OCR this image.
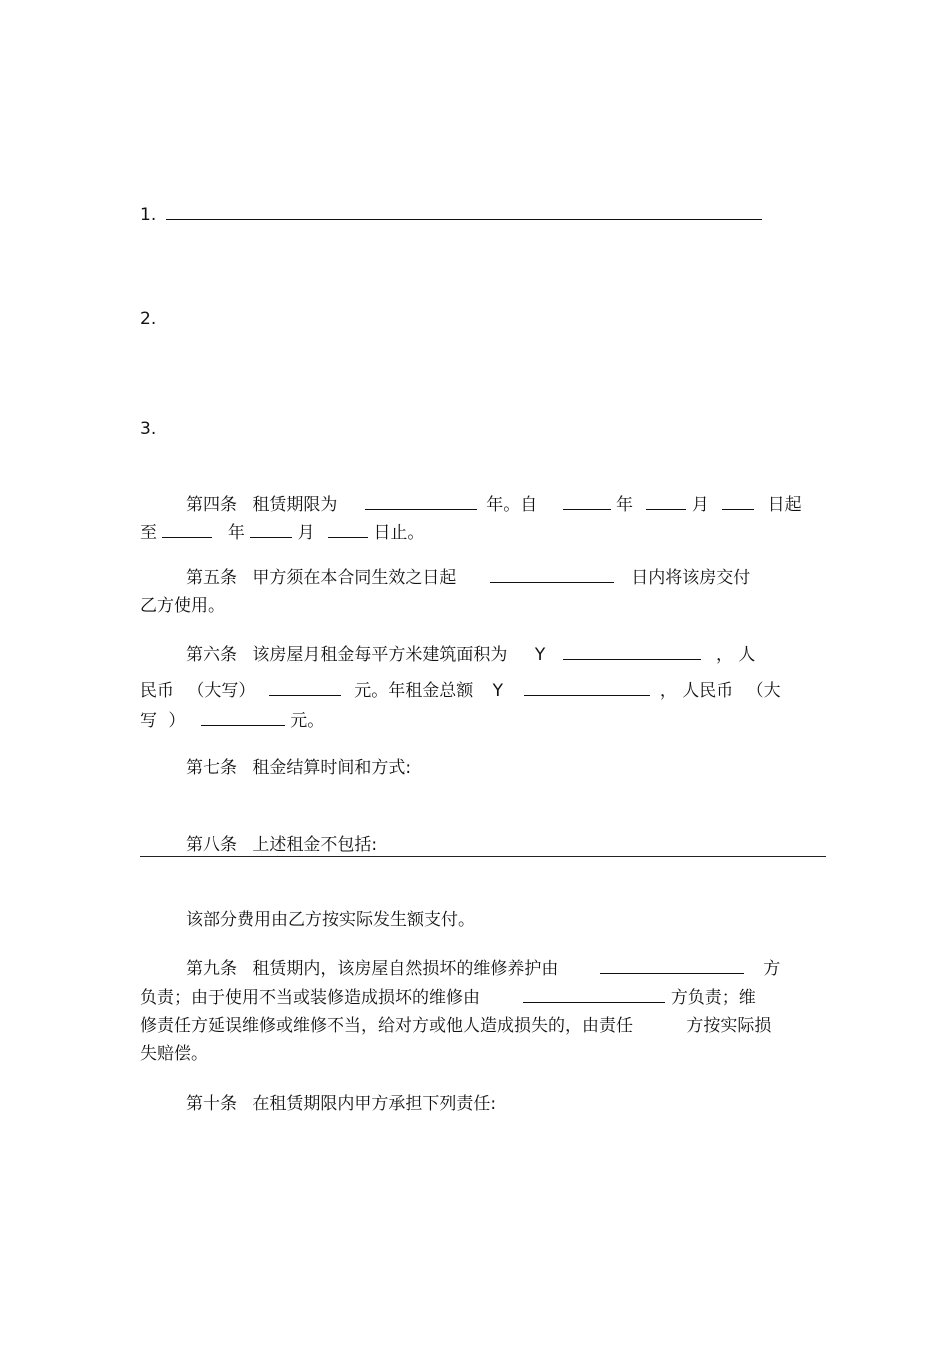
1.
2.
3.
第四条 租赁期限为	年。自	年	月	日起
至	年	月	日止。
第五条 甲方须在本合同生效之日起	日内将该房交付
乙方使用。
第六条 该房屋月租金每平方米建筑面积为 Y	， 人
民币 （大写）	元。年租金总额 Y	， 人民币 （大
写 ）	元。
第七条 租金结算时间和方式:
第八条 上述租金不包括:
该部分费用由乙方按实际发生额支付。
第九条 租赁期内，该房屋自然损坏的维修养护由	方
负责；由于使用不当或装修造成损坏的维修由	方负责；维
修责任方延误维修或维修不当，给对方或他人造成损失的，由责任	方按实际损
失赔偿。
第十条 在租赁期限内甲方承担下列责任:
